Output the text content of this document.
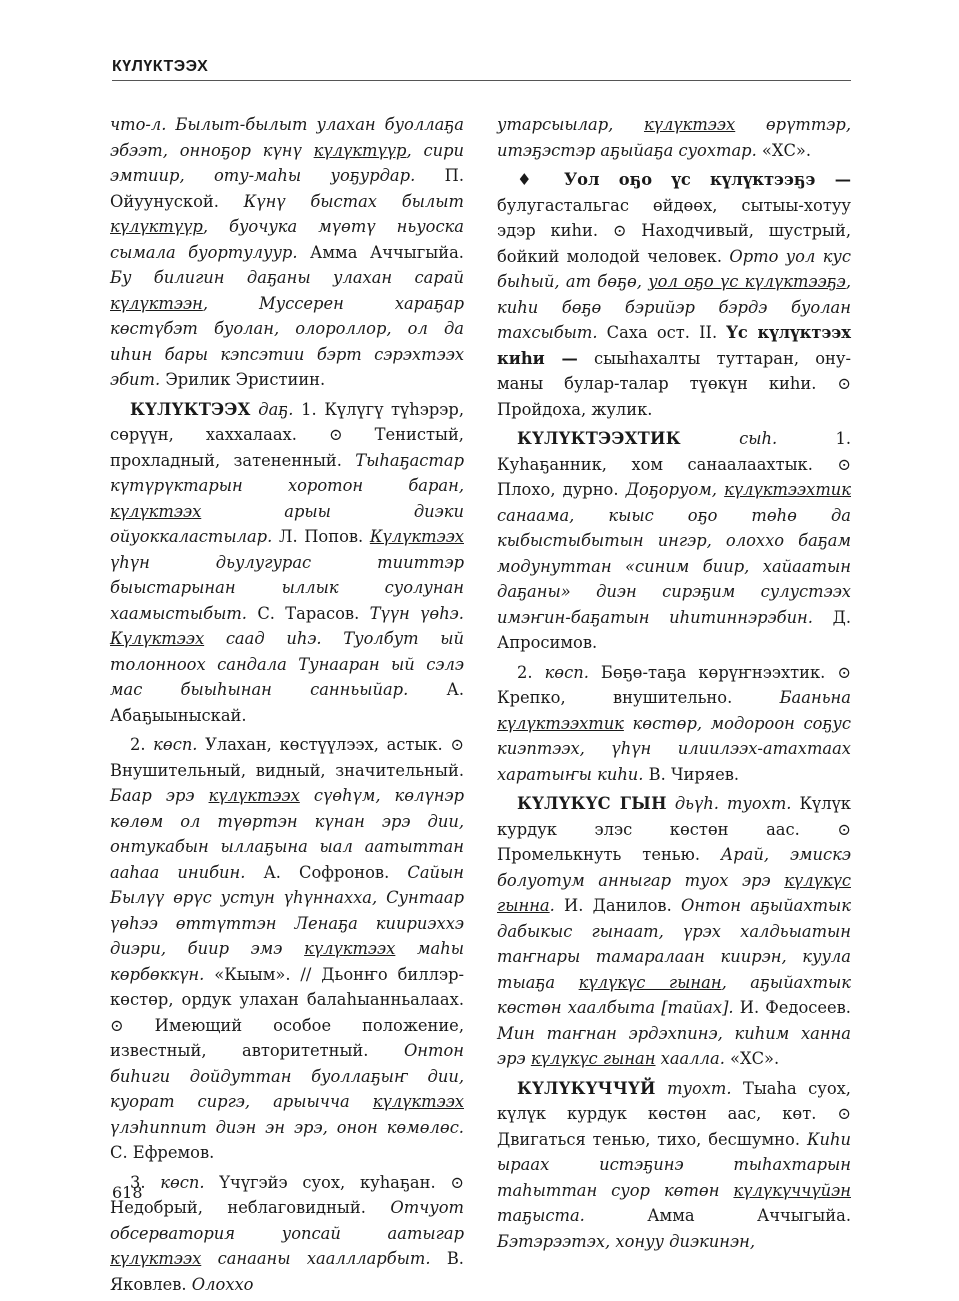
КҮЛҮКТЭЭХ

что-л. Былыт-былыт улахан буоллаҕа эбээт, онноҕор күнү күлүктүүр, сири эмтиир, оту-маһы уоҕурдар. П. Ойуунуской. Күнү быстах былыт күлүктүүр, буочука мүөтү ньуоска сымала буортулуур. Амма Аччыгыйа. Бу билигин даҕаны улахан сарай күлүктээн, Муссерен хараҕар көстүбэт буолан, олороллор, ол да иһин бары кэпсэтии бэрт сэрэхтээх эбит. Эрилик Эристиин.

КҮЛҮКТЭЭХ даҕ. 1. Күлүгү түһэрэр, сөрүүн, хаххалаах. ⊙ Тенистый, прохладный, затененный. Тыһаҕастар күтүрүктарын хоротон баран, күлүктээх арыы диэки ойуоккаластылар. Л. Попов. Күлүктээх үһүн дьулугурас тииттэр быыстарынан ыллык суолунан хаамыстыбыт. С. Тарасов. Түүн үөһэ. Күлүктээх саад иһэ. Туолбут ый толонноох сандала Тунааран ый сэлэ мас быыһынан санньыйар. А. Абаҕыыныскай.

2. көсп. Улахан, көстүүлээх, астык. ⊙ Внушительный, видный, значительный. Баар эрэ күлүктээх сүөһүм, көлүнэр көлөм ол түөртэн күнан эрэ дии, онтукабын ыллаҕына ыал аатыттан ааһаа инибин. А. Софронов. Сайын Былүү өрүс устун үһүннахха, Сунтаар үөһээ өттүттэн Ленаҕа киириэххэ диэри, биир эмэ күлүктээх маһы көрбөккүн. «Кыым». // Дьонҥо биллэр-көстөр, ордук улахан балаһыанньалаах. ⊙ Имеющий особое положение, известный, авторитетный. Онтон биһиги дойдуттан буоллаҕыҥ дии, куорат сиргэ, арыыччa күлүктээх үлэһиппит диэн эн эрэ, онон көмөлөс. С. Ефремов.

3. көсп. Үчүгэйэ суох, куһаҕан. ⊙ Недобрый, неблаговидный. Отчуот обсерватория уопсай аатыгар күлүктээх санааны хааллларбыт. В. Яковлев. Олоххо

утарсыылар, күлүктээх өрүттэр, итэҕэстэр аҕыйаҕа суохтар. «ХС».

♦ Уол оҕо үс күлүктээҕэ — булугастальгас өйдөөх, сытыы-хотуу эдэр киһи. ⊙ Находчивый, шустрый, бойкий молодой человек. Орто уол кус быһый, ат бөҕө, уол оҕо үс күлүктээҕэ, киһи бөҕө бэрийэр бэрдэ буолан тахсыбыт. Саха ост. II. Үс күлүктээх киһи — сыыһахалты туттаран, ону-маны булар-талар түөкүн киһи. ⊙ Пройдоха, жулик.

КҮЛҮКТЭЭХТИК	сыһ. 1. Куһаҕанник, хом санаалаахтык. ⊙ Плохо, дурно. Доҕоруом, күлүктээхтик санаама, кыыс оҕо төһө да кыбыстыбытын ингэр, олоххо баҕам модунуттан «синим биир, хайаатын даҕаны» диэн сирэҕим сулустээх имэҥин-баҕатын иһитиннэрэбин. Д. Апросимов.

2. көсп. Бөҕө-таҕа көрүҥнээхтик. ⊙ Крепко, внушительно. Бааньна күлүктээхтик көстөр, модороон соҕус киэптээх, үһүн илиилээх-атахтаах харатыҥы киһи. В. Чиряев.

КҮЛҮКҮС ГЫН дьүһ. туохт. Күлүк курдук элэс көстөн аас. ⊙ Промелькнуть тенью. Арай, эмискэ болуотум анныгар туох эрэ күлүкүс гынна. И. Данилов. Онтон аҕыйахтык дабыкыс гынаат, үрэх халдьыатын таҥнары тамаралаан киирэн, куула тыаҕа күлүкүс гынан, аҕыйахтык көстөн хаалбыта [тайах]. И. Федосеев. Мин таҥнан эрдэхпинэ, киһим ханна эрэ күлүкүс гынан хаалла. «ХС».

КҮЛҮКҮЧЧҮЙ туохт. Тыаһа суох, күлүк курдук көстөн аас, көт. ⊙ Двигаться тенью, тихо, бесшумно. Киһи ыраах истэҕинэ тыһахтарын таһыттан суор көтөн күлүкүччүйэн таҕыста. Амма Аччыгыйа. Бэтэрээтэх, хонуу диэкинэн,

618
